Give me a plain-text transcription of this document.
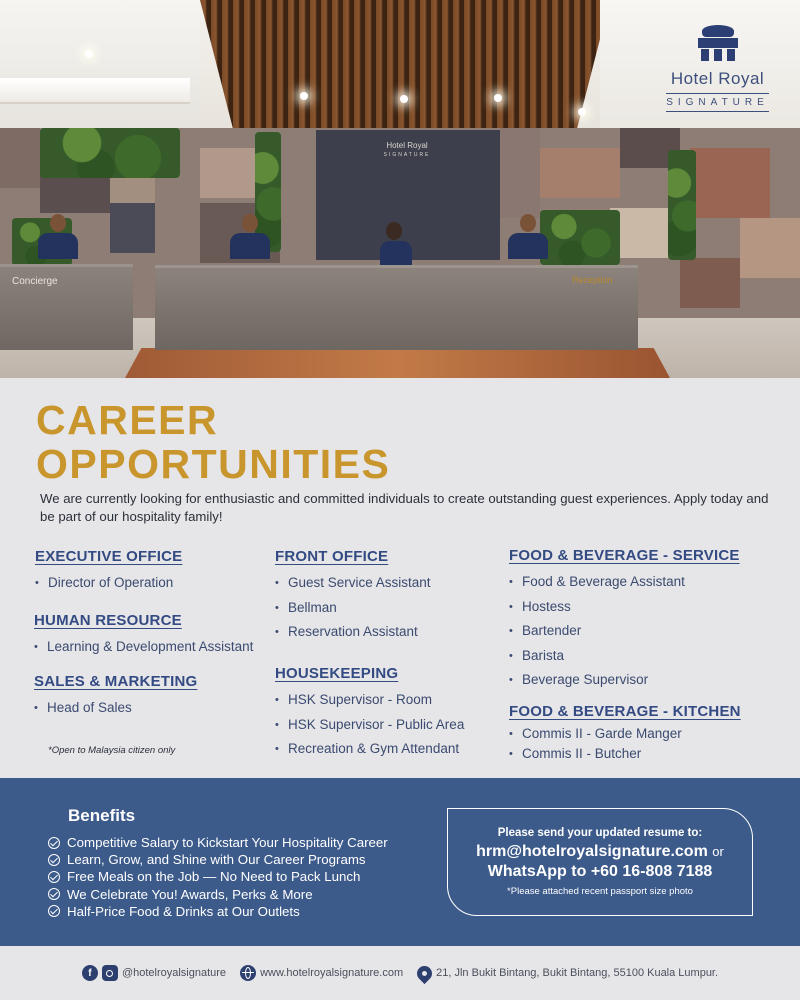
Hotel Royal
SIGNATURE
Concierge	Reception
Hotel Royal
SIGNATURE
CAREER
OPPORTUNITIES
We are currently looking for enthusiastic and committed individuals to create outstanding guest experiences. Apply today and be part of our hospitality family!
EXECUTIVE OFFICE
• Director of Operation
HUMAN RESOURCE
• Learning & Development Assistant
SALES & MARKETING
• Head of Sales
*Open to Malaysia citizen only
FRONT OFFICE
• Guest Service Assistant
• Bellman
• Reservation Assistant
HOUSEKEEPING
• HSK Supervisor - Room
• HSK Supervisor - Public Area
• Recreation & Gym Attendant
FOOD & BEVERAGE - SERVICE
• Food & Beverage Assistant
• Hostess
• Bartender
• Barista
• Beverage Supervisor
FOOD & BEVERAGE - KITCHEN
• Commis II - Garde Manger
• Commis II - Butcher
Benefits
Competitive Salary to Kickstart Your Hospitality Career
Learn, Grow, and Shine with Our Career Programs
Free Meals on the Job — No Need to Pack Lunch
We Celebrate You! Awards, Perks & More
Half-Price Food & Drinks at Our Outlets
Please send your updated resume to:
hrm@hotelroyalsignature.com or
WhatsApp to +60 16-808 7188
*Please attached recent passport size photo
f	@hotelroyalsignature	www.hotelroyalsignature.com	21, Jln Bukit Bintang, Bukit Bintang, 55100 Kuala Lumpur.
